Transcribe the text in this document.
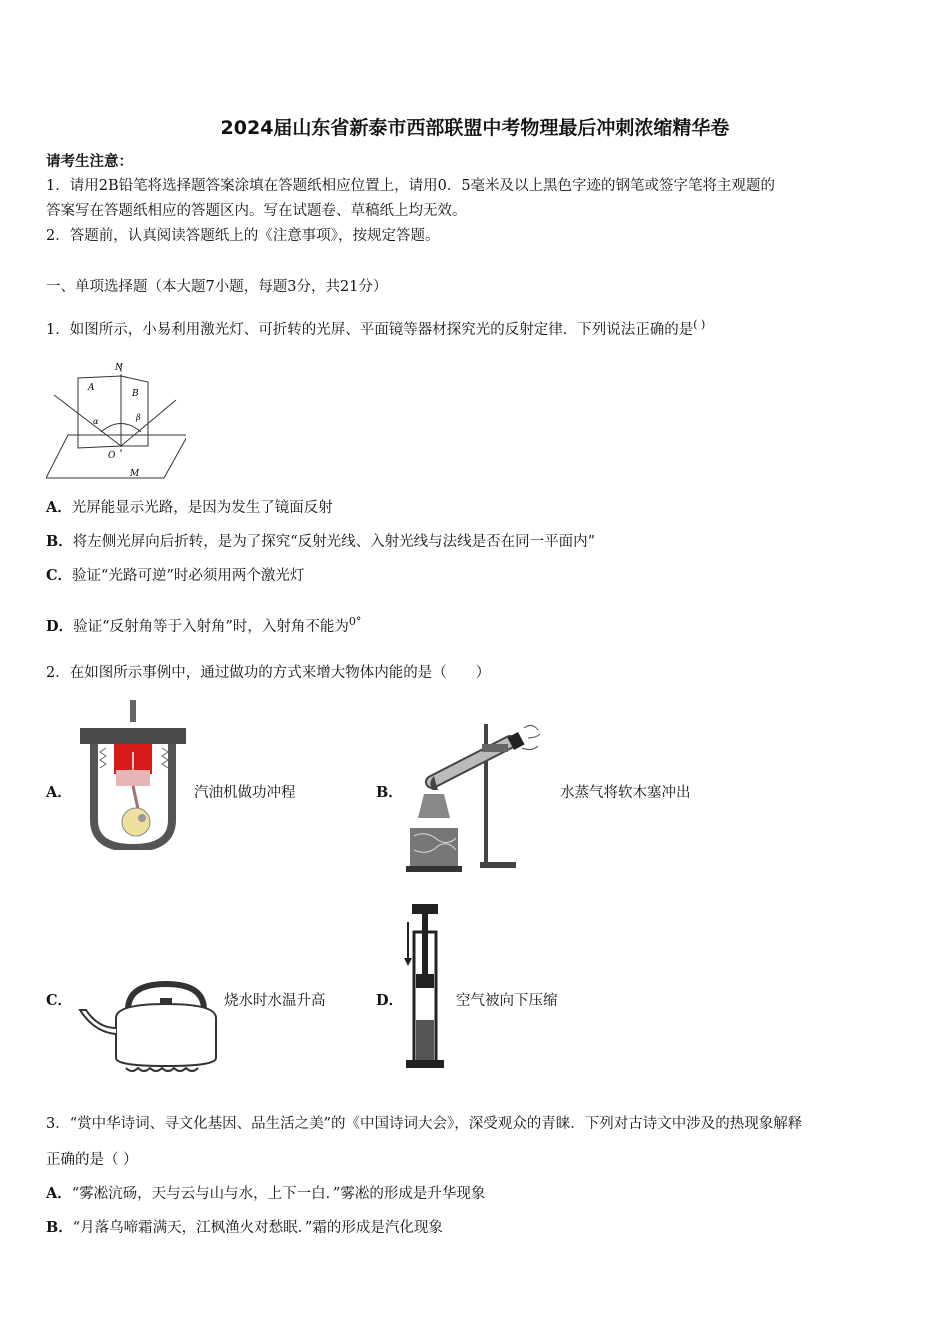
2024届山东省新泰市西部联盟中考物理最后冲刺浓缩精华卷
请考生注意：
1．请用2B铅笔将选择题答案涂填在答题纸相应位置上，请用0．5毫米及以上黑色字迹的钢笔或签字笔将主观题的
答案写在答题纸相应的答题区内。写在试题卷、草稿纸上均无效。
2．答题前，认真阅读答题纸上的《注意事项》，按规定答题。
一、单项选择题（本大题7小题，每题3分，共21分）
1．如图所示，小易利用激光灯、可折转的光屏、平面镜等器材探究光的反射定律．下列说法正确的是( )
N
A
B
α	β
O
M
A．光屏能显示光路，是因为发生了镜面反射
B．将左侧光屏向后折转，是为了探究“反射光线、入射光线与法线是否在同一平面内”
C．验证“光路可逆”时必须用两个激光灯
D．验证“反射角等于入射角”时，入射角不能为$^{0^\circ}$
2．在如图所示事例中，通过做功的方式来增大物体内能的是（　　）
A．	汽油机做功冲程	B．	水蒸气将软木塞冲出
C．	烧水时水温升高	D．	空气被向下压缩
3．“赏中华诗词、寻文化基因、品生活之美”的《中国诗词大会》，深受观众的青睐．下列对古诗文中涉及的热现象解释
正确的是（ ）
A．“雾凇沆砀，天与云与山与水，上下一白．”雾凇的形成是升华现象
B．“月落乌啼霜满天，江枫渔火对愁眠．”霜的形成是汽化现象
